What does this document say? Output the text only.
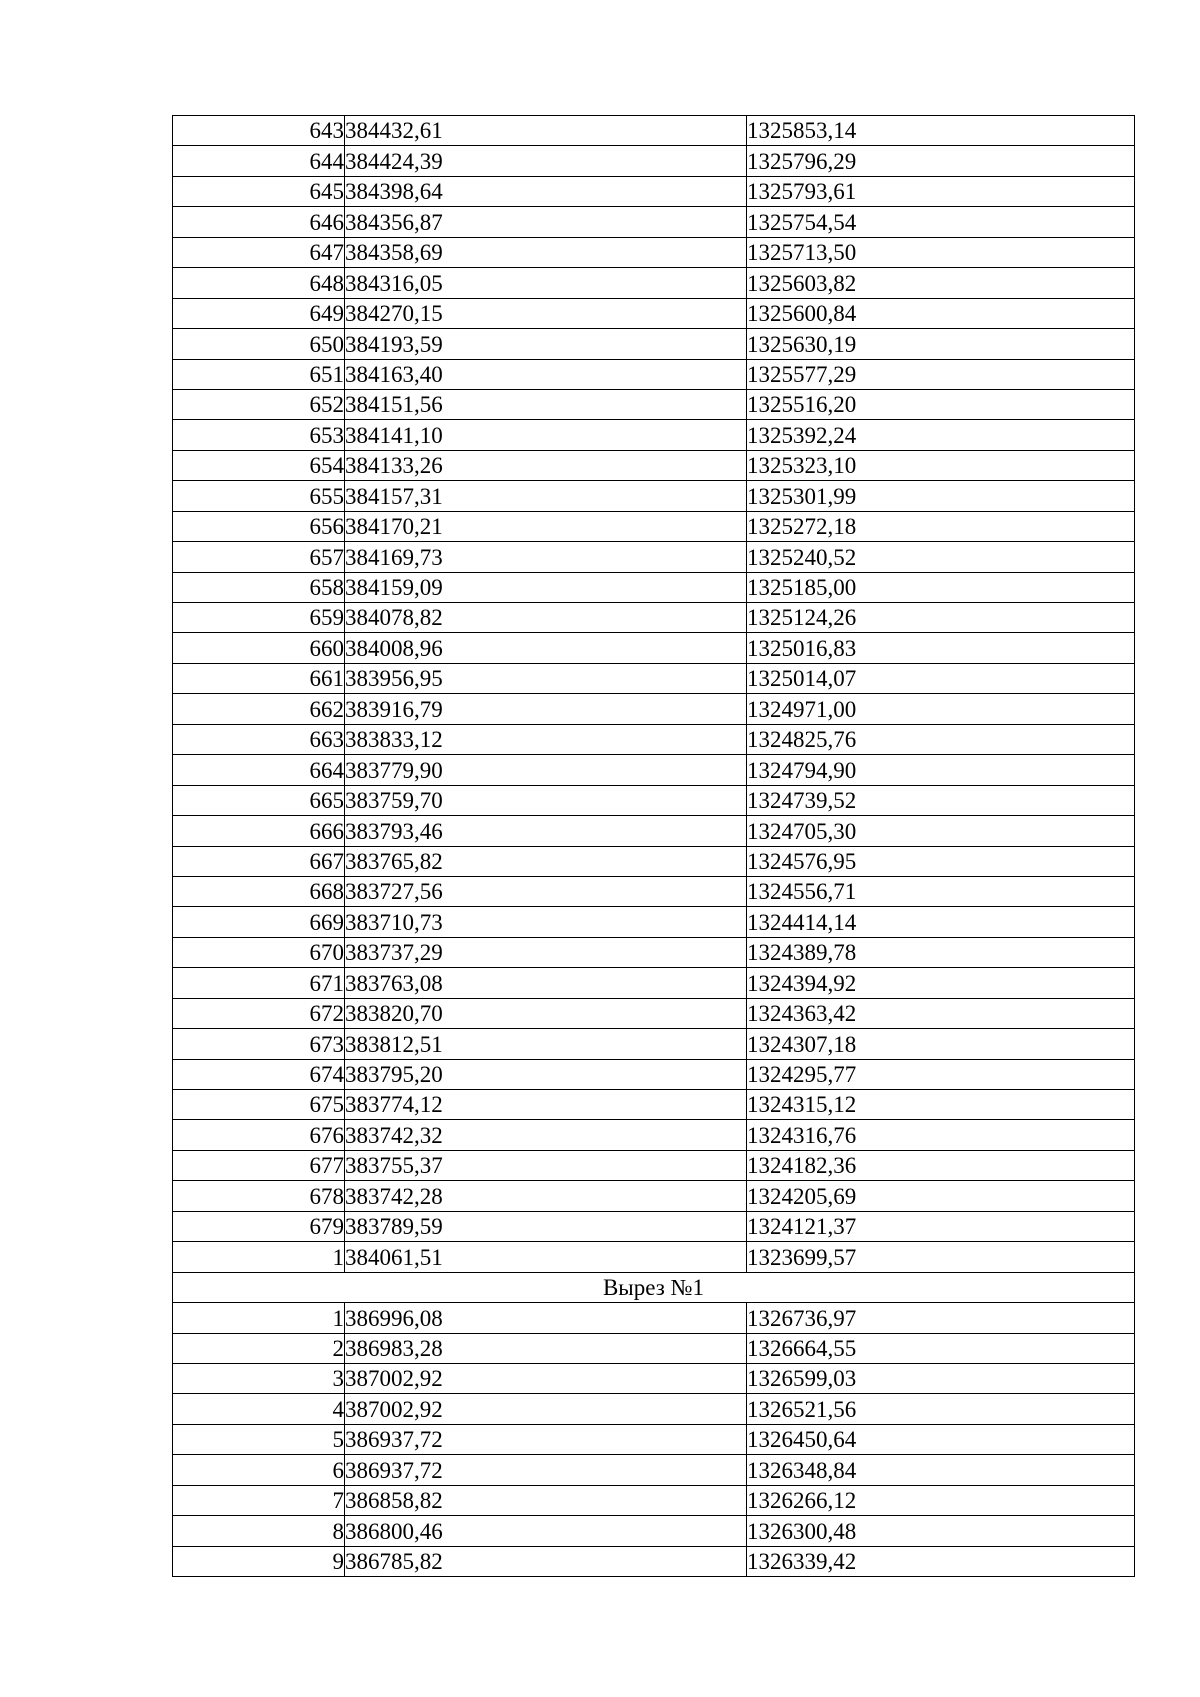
643	384432,61	1325853,14
644	384424,39	1325796,29
645	384398,64	1325793,61
646	384356,87	1325754,54
647	384358,69	1325713,50
648	384316,05	1325603,82
649	384270,15	1325600,84
650	384193,59	1325630,19
651	384163,40	1325577,29
652	384151,56	1325516,20
653	384141,10	1325392,24
654	384133,26	1325323,10
655	384157,31	1325301,99
656	384170,21	1325272,18
657	384169,73	1325240,52
658	384159,09	1325185,00
659	384078,82	1325124,26
660	384008,96	1325016,83
661	383956,95	1325014,07
662	383916,79	1324971,00
663	383833,12	1324825,76
664	383779,90	1324794,90
665	383759,70	1324739,52
666	383793,46	1324705,30
667	383765,82	1324576,95
668	383727,56	1324556,71
669	383710,73	1324414,14
670	383737,29	1324389,78
671	383763,08	1324394,92
672	383820,70	1324363,42
673	383812,51	1324307,18
674	383795,20	1324295,77
675	383774,12	1324315,12
676	383742,32	1324316,76
677	383755,37	1324182,36
678	383742,28	1324205,69
679	383789,59	1324121,37
1	384061,51	1323699,57
Вырез №1		
1	386996,08	1326736,97
2	386983,28	1326664,55
3	387002,92	1326599,03
4	387002,92	1326521,56
5	386937,72	1326450,64
6	386937,72	1326348,84
7	386858,82	1326266,12
8	386800,46	1326300,48
9	386785,82	1326339,42
